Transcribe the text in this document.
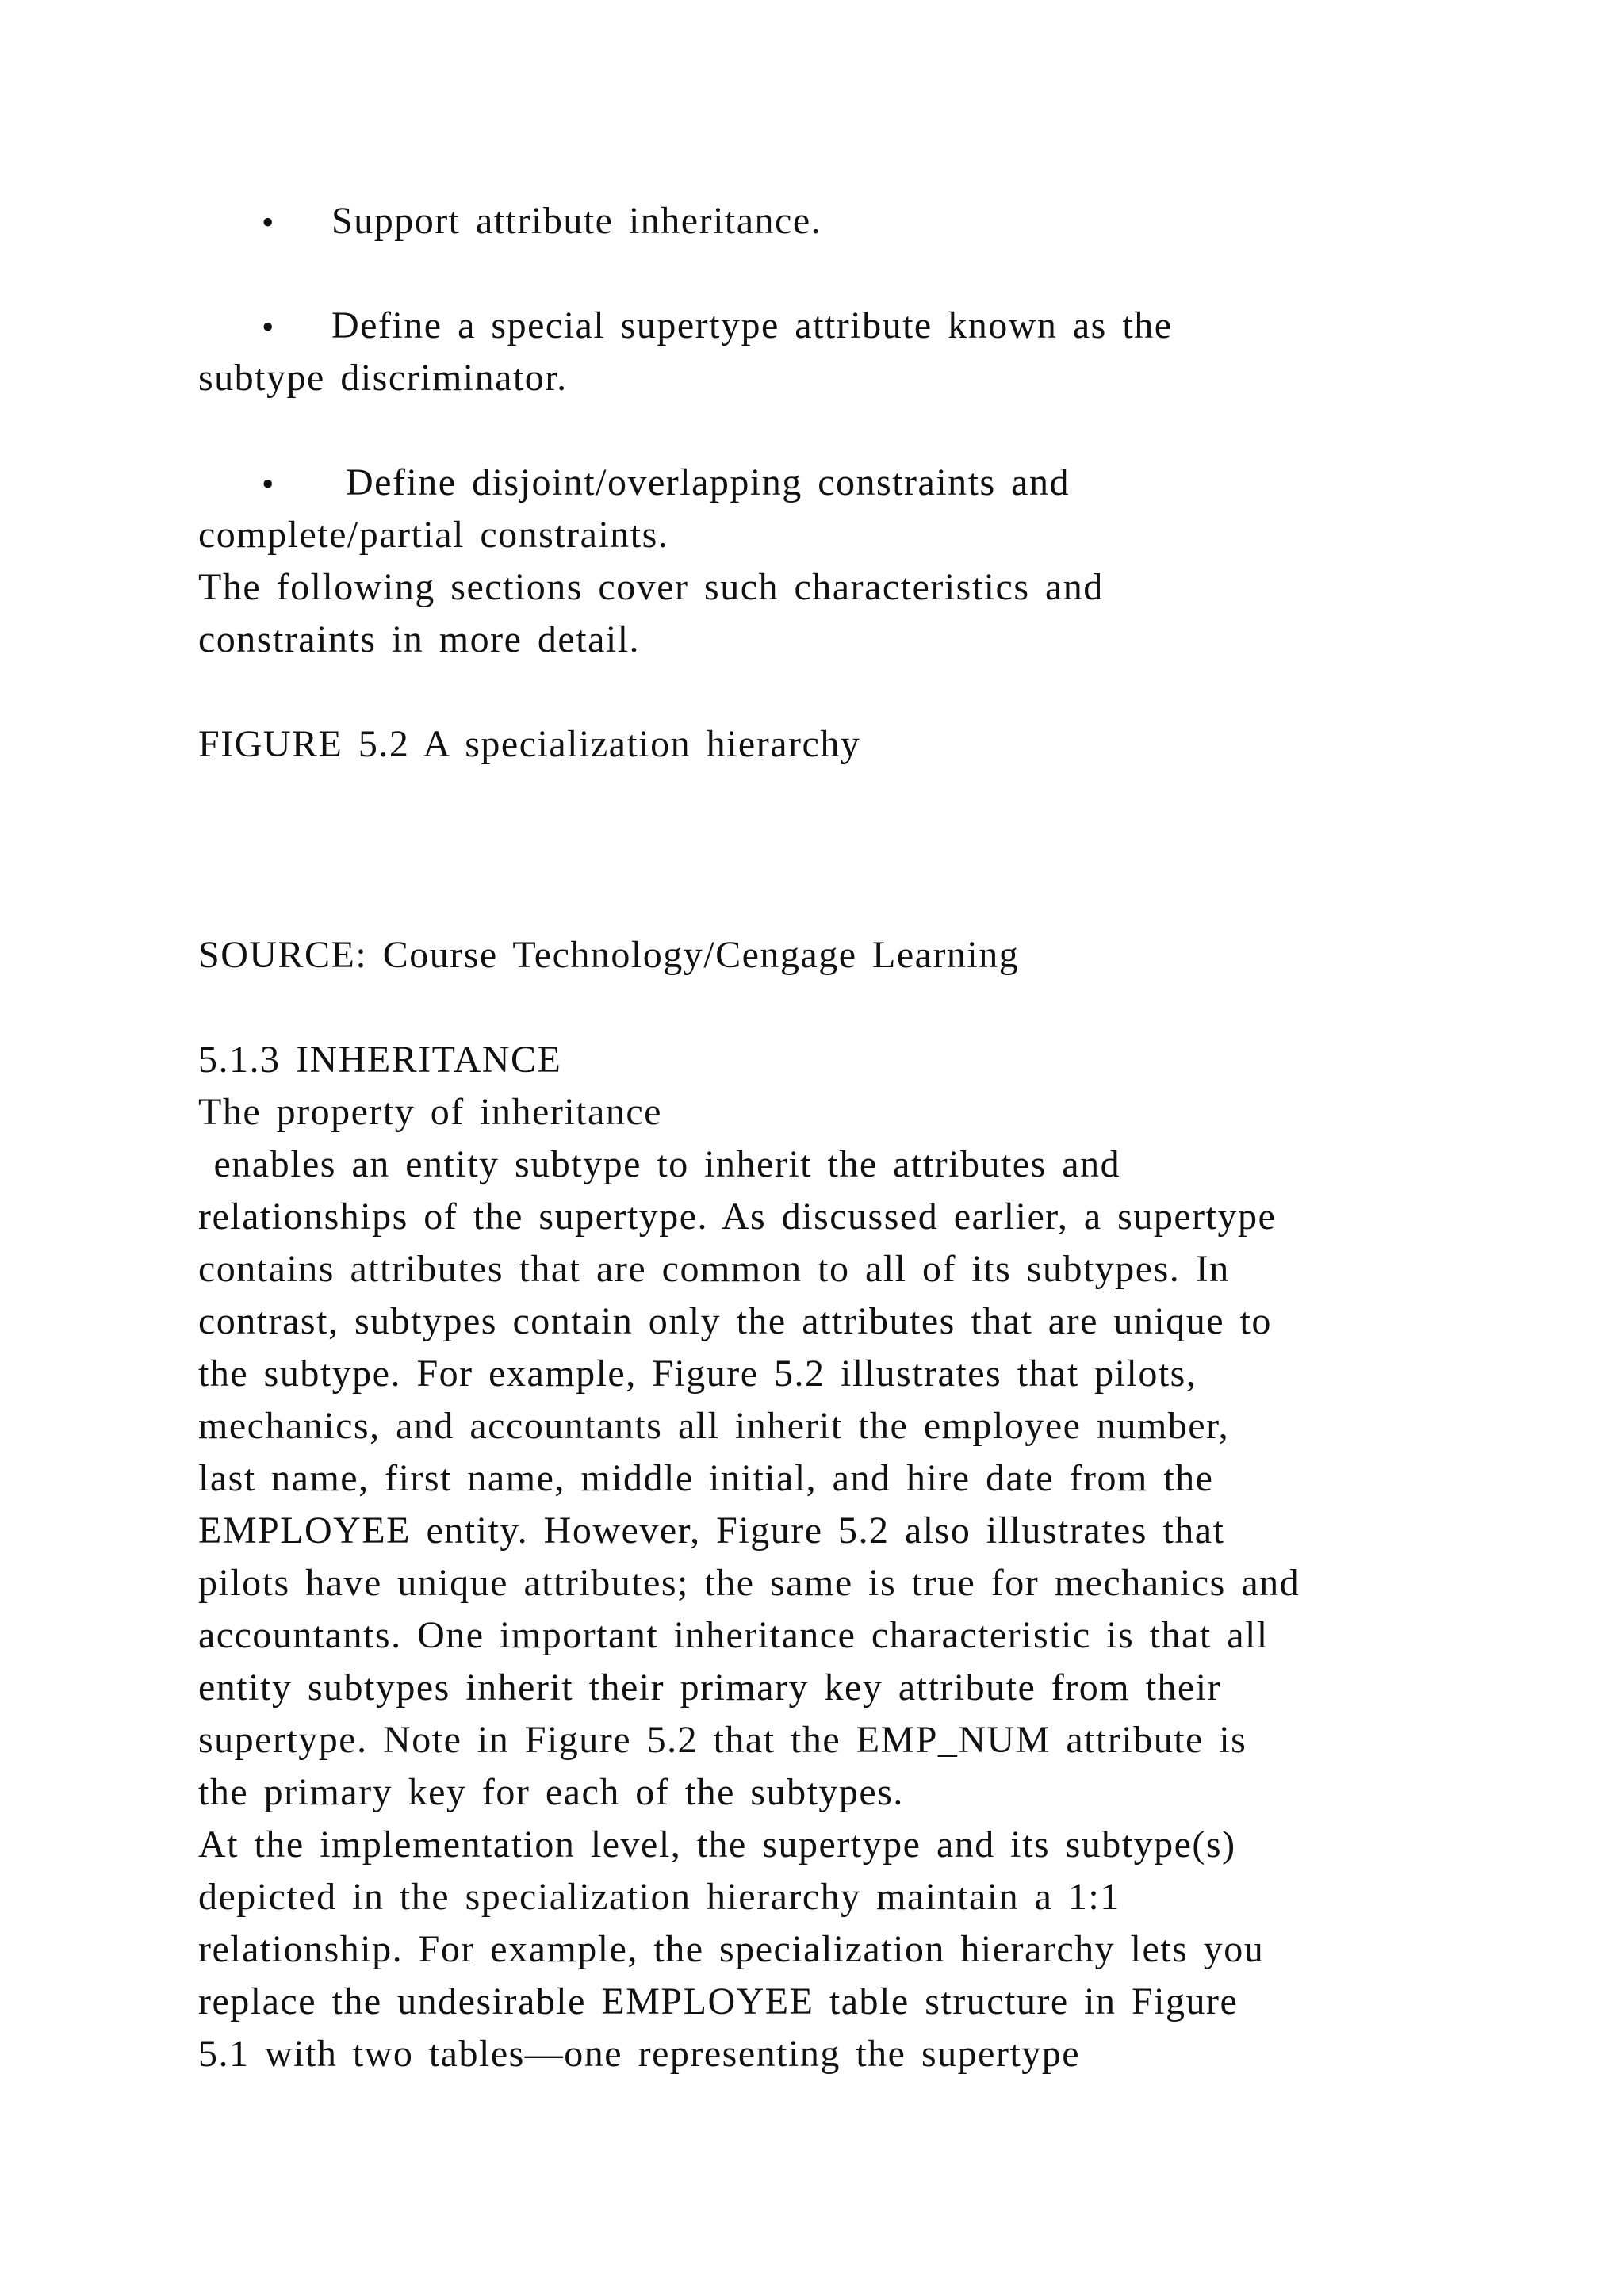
• Support attribute inheritance.
• Define a special supertype attribute known as the
subtype discriminator.
• Define disjoint/overlapping constraints and
complete/partial constraints.
The following sections cover such characteristics and
constraints in more detail.
FIGURE 5.2 A specialization hierarchy
SOURCE: Course Technology/Cengage Learning
5.1.3 INHERITANCE
The property of inheritance
enables an entity subtype to inherit the attributes and
relationships of the supertype. As discussed earlier, a supertype
contains attributes that are common to all of its subtypes. In
contrast, subtypes contain only the attributes that are unique to
the subtype. For example, Figure 5.2 illustrates that pilots,
mechanics, and accountants all inherit the employee number,
last name, first name, middle initial, and hire date from the
EMPLOYEE entity. However, Figure 5.2 also illustrates that
pilots have unique attributes; the same is true for mechanics and
accountants. One important inheritance characteristic is that all
entity subtypes inherit their primary key attribute from their
supertype. Note in Figure 5.2 that the EMP_NUM attribute is
the primary key for each of the subtypes.
At the implementation level, the supertype and its subtype(s)
depicted in the specialization hierarchy maintain a 1:1
relationship. For example, the specialization hierarchy lets you
replace the undesirable EMPLOYEE table structure in Figure
5.1 with two tables—one representing the supertype
